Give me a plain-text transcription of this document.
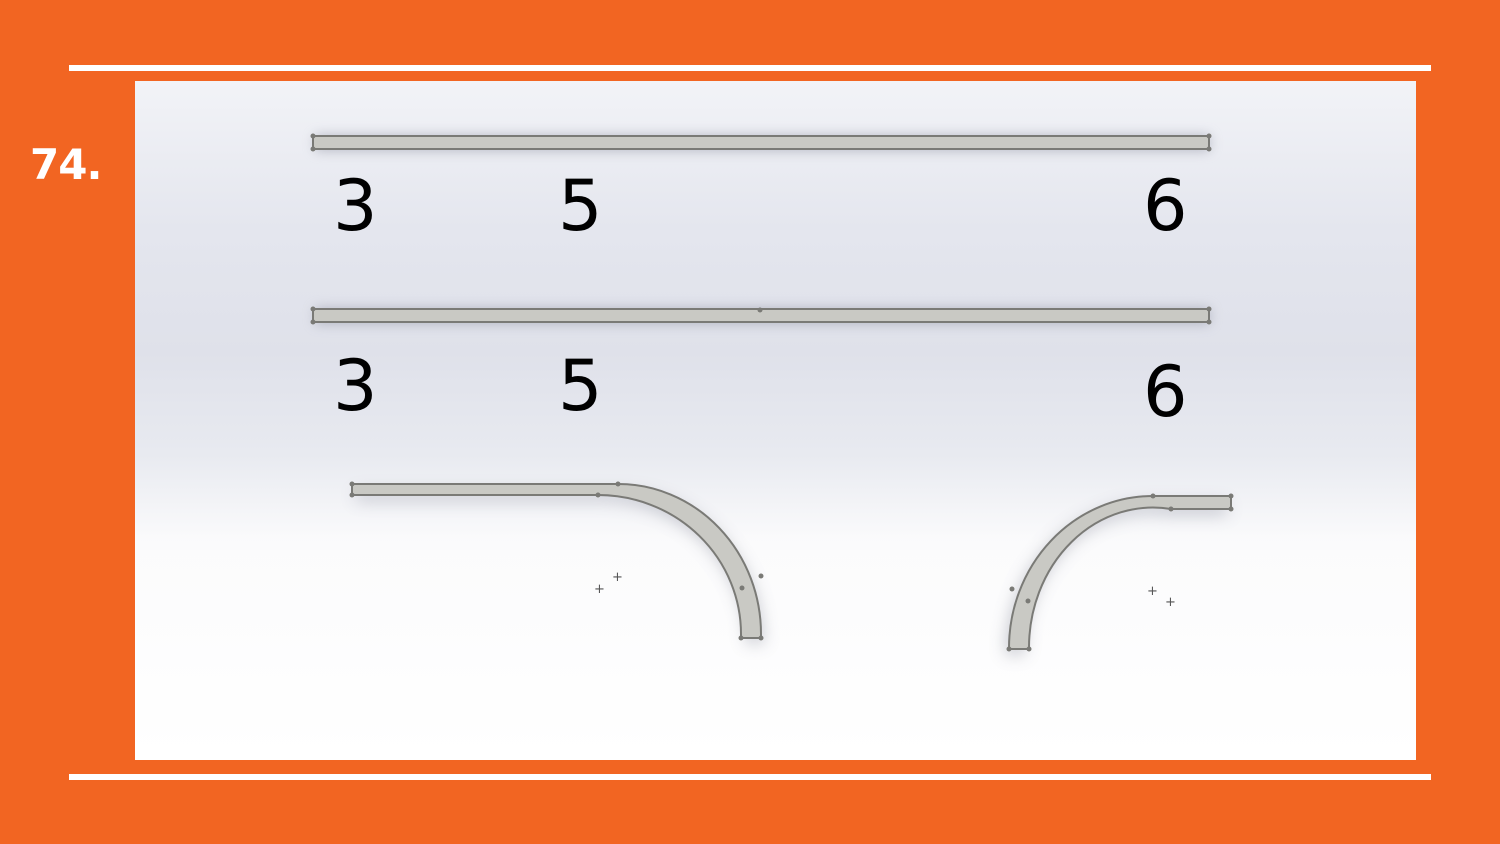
74.
+
+	+
+
3	5	6
3	5	6
